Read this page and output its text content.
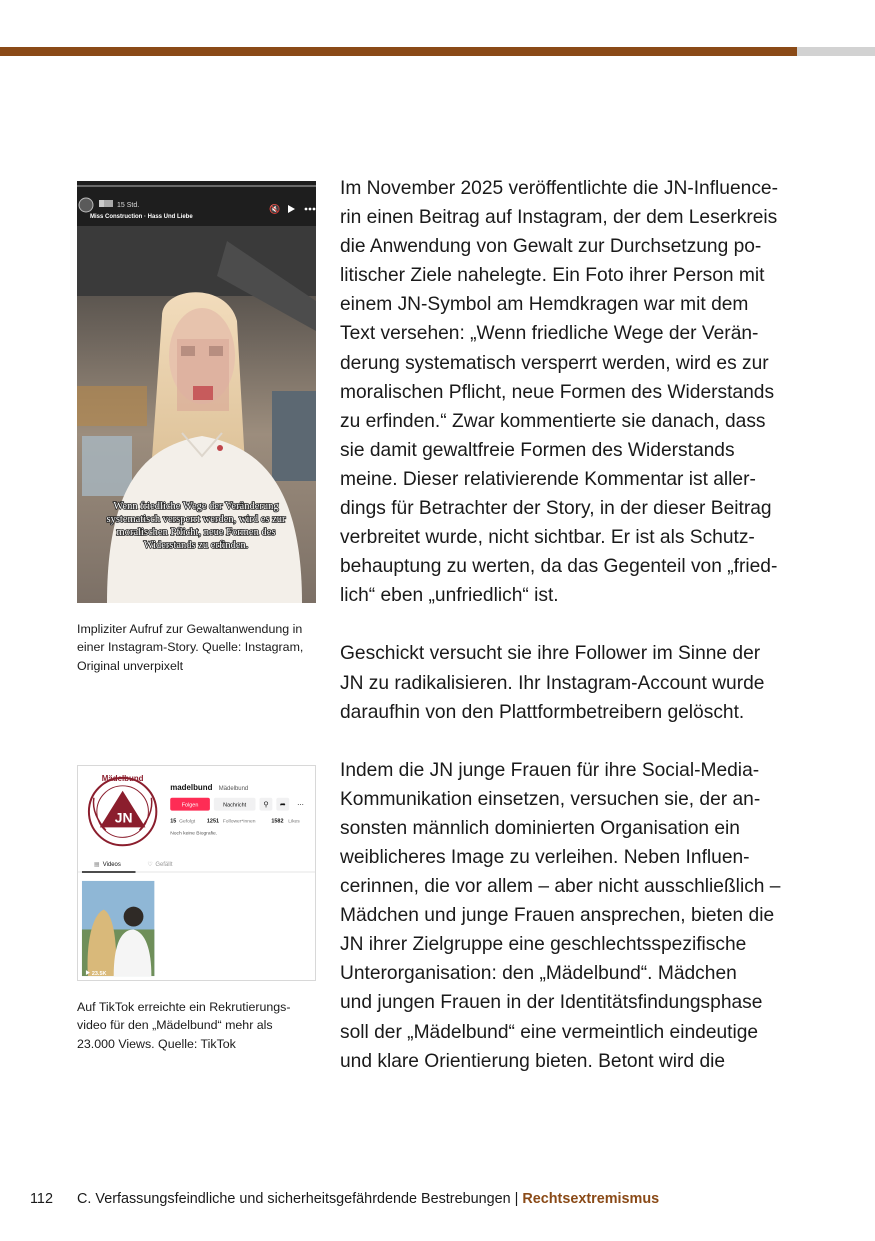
15 Std.
Miss Construction · Hass Und Liebe
🔇
Wenn friedliche Wege der Veränderung
systematisch versperrt werden, wird es zur
moralischen Pflicht, neue Formen des
Widerstands zu erfinden.
Impliziter Aufruf zur Gewaltanwendung in
einer Instagram-Story. Quelle: Instagram,
Original unverpixelt
Mädelbund
JN
madelbund Mädelbund
Folgen	Nachricht ⚲ ➦ ⋯
15 Gefolgt 1251 Follower*innen	1582 Likes
Noch keine Biografie.
▦ Videos	♡ Gefällt
23.5K
Auf TikTok erreichte ein Rekrutierungs-
video für den „Mädelbund“ mehr als
23.000 Views. Quelle: TikTok

Im November 2025 veröffentlichte die JN-Influence-
rin einen Beitrag auf Instagram, der dem Leserkreis
die Anwendung von Gewalt zur Durchsetzung po-
litischer Ziele nahelegte. Ein Foto ihrer Person mit
einem JN-Symbol am Hemdkragen war mit dem
Text versehen: „Wenn friedliche Wege der Verän-
derung systematisch versperrt werden, wird es zur
moralischen Pflicht, neue Formen des Widerstands
zu erfinden.“ Zwar kommentierte sie danach, dass
sie damit gewaltfreie Formen des Widerstands
meine. Dieser relativierende Kommentar ist aller-
dings für Betrachter der Story, in der dieser Beitrag
verbreitet wurde, nicht sichtbar. Er ist als Schutz-
behauptung zu werten, da das Gegenteil von „fried-
lich“ eben „unfriedlich“ ist.

Geschickt versucht sie ihre Follower im Sinne der
JN zu radikalisieren. Ihr Instagram-Account wurde
daraufhin von den Plattformbetreibern gelöscht.

Indem die JN junge Frauen für ihre Social-Media-
Kommunikation einsetzen, versuchen sie, der an-
sonsten männlich dominierten Organisation ein
weiblicheres Image zu verleihen. Neben Influen-
cerinnen, die vor allem – aber nicht ausschließlich –
Mädchen und junge Frauen ansprechen, bieten die
JN ihrer Zielgruppe eine geschlechtsspezifische
Unterorganisation: den „Mädelbund“. Mädchen
und jungen Frauen in der Identitätsfindungsphase
soll der „Mädelbund“ eine vermeintlich eindeutige
und klare Orientierung bieten. Betont wird die

112 C. Verfassungsfeindliche und sicherheitsgefährdende Bestrebungen | Rechtsextremismus
